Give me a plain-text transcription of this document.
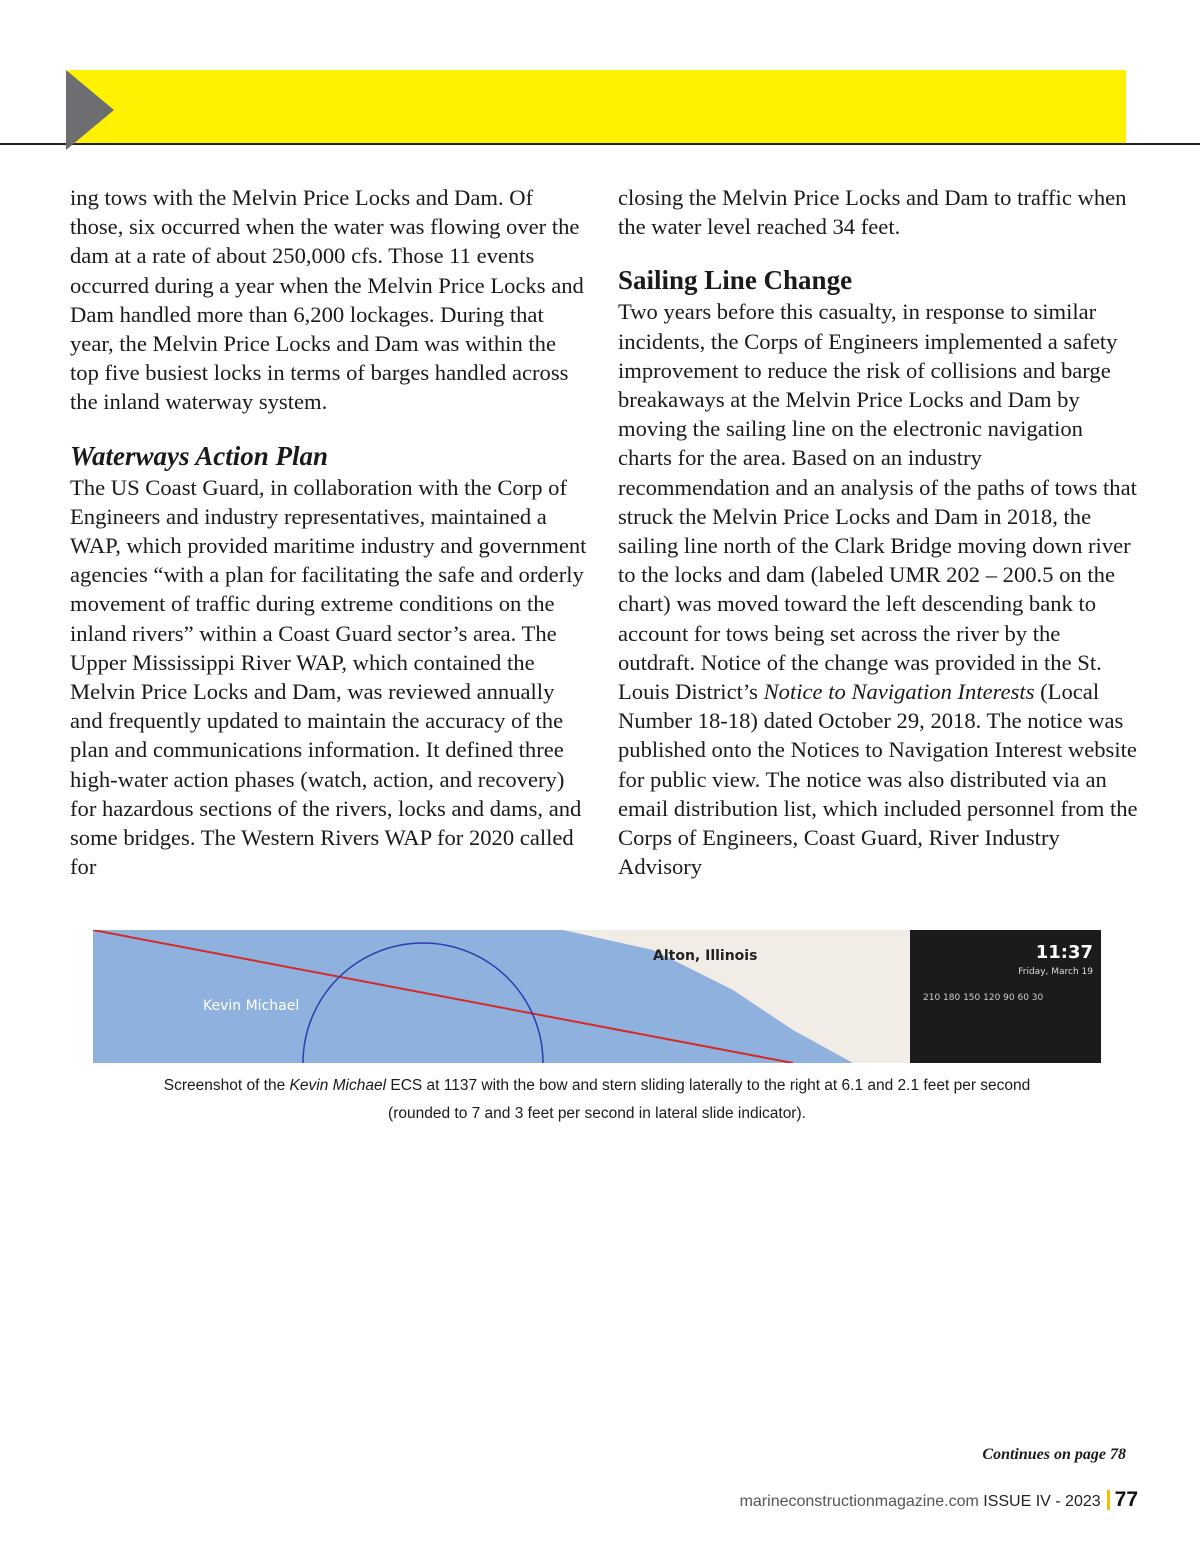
ing tows with the Melvin Price Locks and Dam. Of those, six occurred when the water was flowing over the dam at a rate of about 250,000 cfs. Those 11 events occurred during a year when the Melvin Price Locks and Dam handled more than 6,200 lockages. During that year, the Melvin Price Locks and Dam was within the top five busiest locks in terms of barges handled across the inland waterway system.

Waterways Action Plan

The US Coast Guard, in collaboration with the Corp of Engineers and industry representatives, maintained a WAP, which provided maritime industry and government agencies “with a plan for facilitating the safe and orderly movement of traffic during extreme conditions on the inland rivers” within a Coast Guard sector’s area. The Upper Mississippi River WAP, which contained the Melvin Price Locks and Dam, was reviewed annually and frequently updated to maintain the accuracy of the plan and communications information. It defined three high-water action phases (watch, action, and recovery) for hazardous sections of the rivers, locks and dams, and some bridges. The Western Rivers WAP for 2020 called for

closing the Melvin Price Locks and Dam to traffic when the water level reached 34 feet.

Sailing Line Change

Two years before this casualty, in response to similar incidents, the Corps of Engineers implemented a safety improvement to reduce the risk of collisions and barge breakaways at the Melvin Price Locks and Dam by moving the sailing line on the electronic navigation charts for the area. Based on an industry recommendation and an analysis of the paths of tows that struck the Melvin Price Locks and Dam in 2018, the sailing line north of the Clark Bridge moving down river to the locks and dam (labeled UMR 202 – 200.5 on the chart) was moved toward the left descending bank to account for tows being set across the river by the outdraft. Notice of the change was provided in the St. Louis District’s Notice to Navigation Interests (Local Number 18-18) dated October 29, 2018. The notice was published onto the Notices to Navigation Interest website for public view. The notice was also distributed via an email distribution list, which included personnel from the Corps of Engineers, Coast Guard, River Industry Advisory

11:37
Friday, March 19
210 180 150 120 90 60 30
Alton, Illinois
Kevin Michael
Screenshot of the Kevin Michael ECS at 1137 with the bow and stern sliding laterally to the right at 6.1 and 2.1 feet per second
(rounded to 7 and 3 feet per second in lateral slide indicator).
Continues on page 78
marineconstructionmagazine.com ISSUE IV - 2023 77
